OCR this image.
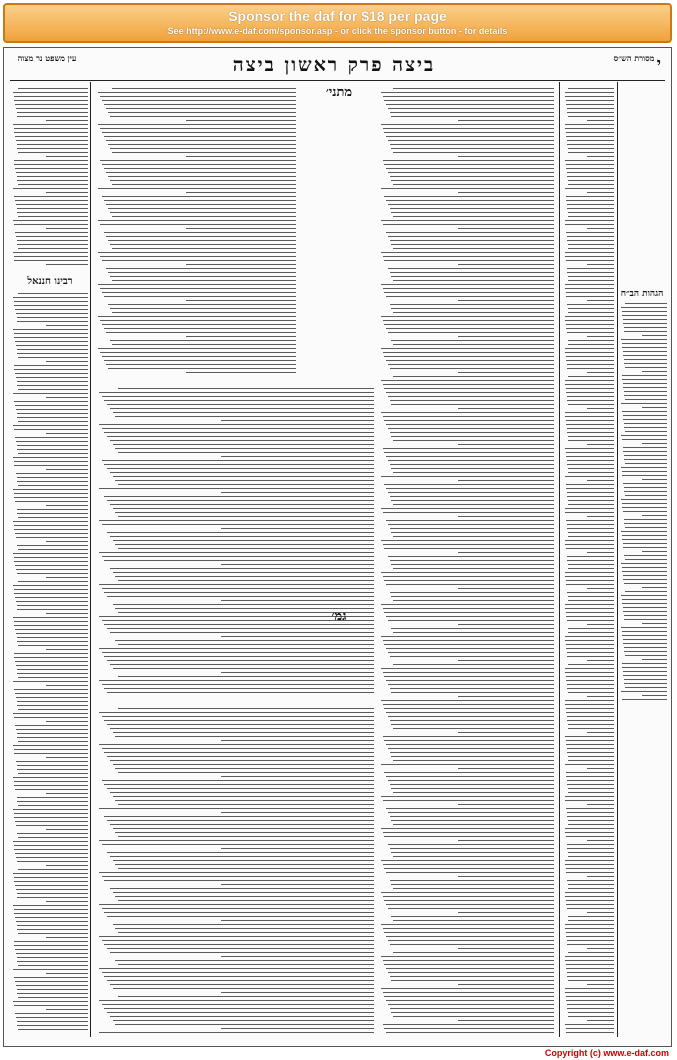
Sponsor the daf for $18 per page
See http://www.e-daf.com/sponsor.asp - or click the sponsor button - for details
עין משפט נר מצוה	ביצה פרק ראשון ביצה	י
מסורת הש״ס
רבינו חננאל
הגהות הב״ח
מתני׳
גמ׳
Copyright (c) www.e-daf.com
